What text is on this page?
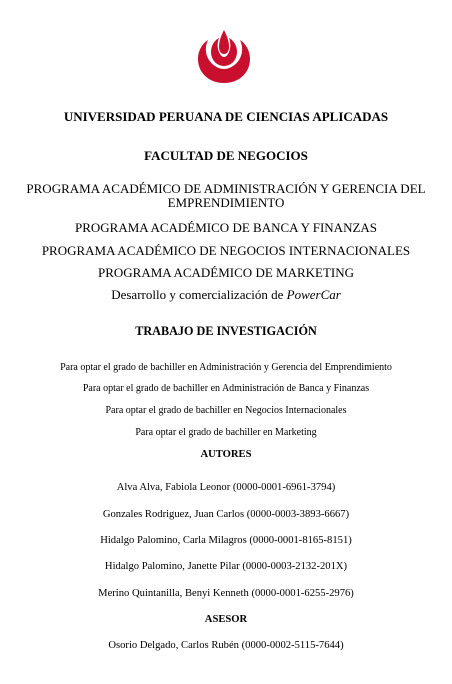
UNIVERSIDAD PERUANA DE CIENCIAS APLICADAS
FACULTAD DE NEGOCIOS
PROGRAMA ACADÉMICO DE ADMINISTRACIÓN Y GERENCIA DEL EMPRENDIMIENTO
PROGRAMA ACADÉMICO DE BANCA Y FINANZAS
PROGRAMA ACADÉMICO DE NEGOCIOS INTERNACIONALES
PROGRAMA ACADÉMICO DE MARKETING
Desarrollo y comercialización de PowerCar
TRABAJO DE INVESTIGACIÓN
Para optar el grado de bachiller en Administración y Gerencia del Emprendimiento
Para optar el grado de bachiller en Administración de Banca y Finanzas
Para optar el grado de bachiller en Negocios Internacionales
Para optar el grado de bachiller en Marketing
AUTORES
Alva Alva, Fabiola Leonor (0000-0001-6961-3794)
Gonzales Rodriguez, Juan Carlos (0000-0003-3893-6667)
Hidalgo Palomino, Carla Milagros (0000-0001-8165-8151)
Hidalgo Palomino, Janette Pilar (0000-0003-2132-201X)
Merino Quintanilla, Benyi Kenneth (0000-0001-6255-2976)
ASESOR
Osorio Delgado, Carlos Rubén (0000-0002-5115-7644)
